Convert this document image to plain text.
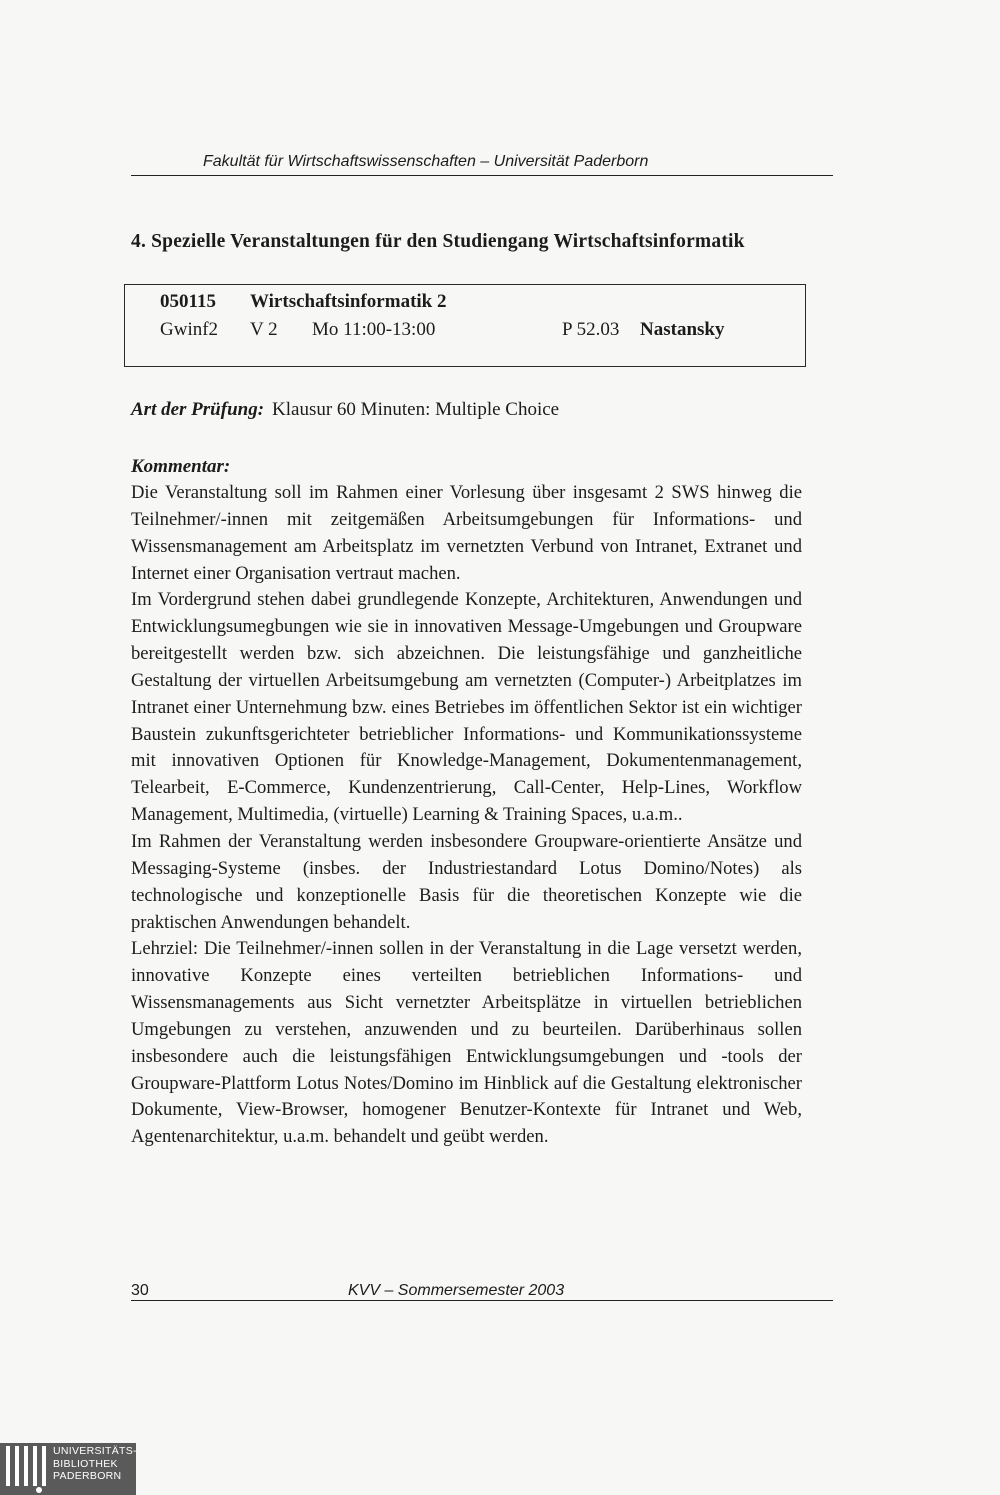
Fakultät für Wirtschaftswissenschaften – Universität Paderborn
4. Spezielle Veranstaltungen für den Studiengang Wirtschaftsinformatik
050115 Wirtschaftsinformatik 2
Gwinf2 V 2 Mo 11:00-13:00	P 52.03 Nastansky
Art der Prüfung: Klausur 60 Minuten: Multiple Choice
Kommentar:

Die Veranstaltung soll im Rahmen einer Vorlesung über insgesamt 2 SWS hinweg die Teilnehmer/-innen mit zeitgemäßen Arbeitsumgebungen für Informations- und Wissensmanagement am Arbeitsplatz im vernetzten Verbund von Intranet, Extranet und Internet einer Organisation vertraut machen.

Im Vordergrund stehen dabei grundlegende Konzepte, Architekturen, Anwendungen und Entwicklungsumegbungen wie sie in innovativen Message-Umgebungen und Groupware bereitgestellt werden bzw. sich abzeichnen. Die leistungsfähige und ganzheitliche Gestaltung der virtuellen Arbeitsumgebung am vernetzten (Computer-) Arbeitplatzes im Intranet einer Unternehmung bzw. eines Betriebes im öffentlichen Sektor ist ein wichtiger Baustein zukunftsgerichteter betrieblicher Informations- und Kommunikationssysteme mit innovativen Optionen für Knowledge-Management, Dokumentenmanagement, Telearbeit, E-Commerce, Kundenzentrierung, Call-Center, Help-Lines, Workflow Management, Multimedia, (virtuelle) Learning & Training Spaces, u.a.m..

Im Rahmen der Veranstaltung werden insbesondere Groupware-orientierte Ansätze und Messaging-Systeme (insbes. der Industriestandard Lotus Domino/Notes) als technologische und konzeptionelle Basis für die theoretischen Konzepte wie die praktischen Anwendungen behandelt.

Lehrziel: Die Teilnehmer/-innen sollen in der Veranstaltung in die Lage versetzt werden, innovative Konzepte eines verteilten betrieblichen Informations- und Wissensmanagements aus Sicht vernetzter Arbeitsplätze in virtuellen betrieblichen Umgebungen zu verstehen, anzuwenden und zu beurteilen. Darüberhinaus sollen insbesondere auch die leistungsfähigen Entwicklungsumgebungen und -tools der Groupware-Plattform Lotus Notes/Domino im Hinblick auf die Gestaltung elektronischer Dokumente, View-Browser, homogener Benutzer-Kontexte für Intranet und Web, Agentenarchitektur, u.a.m. behandelt und geübt werden.

30	KVV – Sommersemester 2003
UNIVERSITÄTS-
BIBLIOTHEK
PADERBORN
